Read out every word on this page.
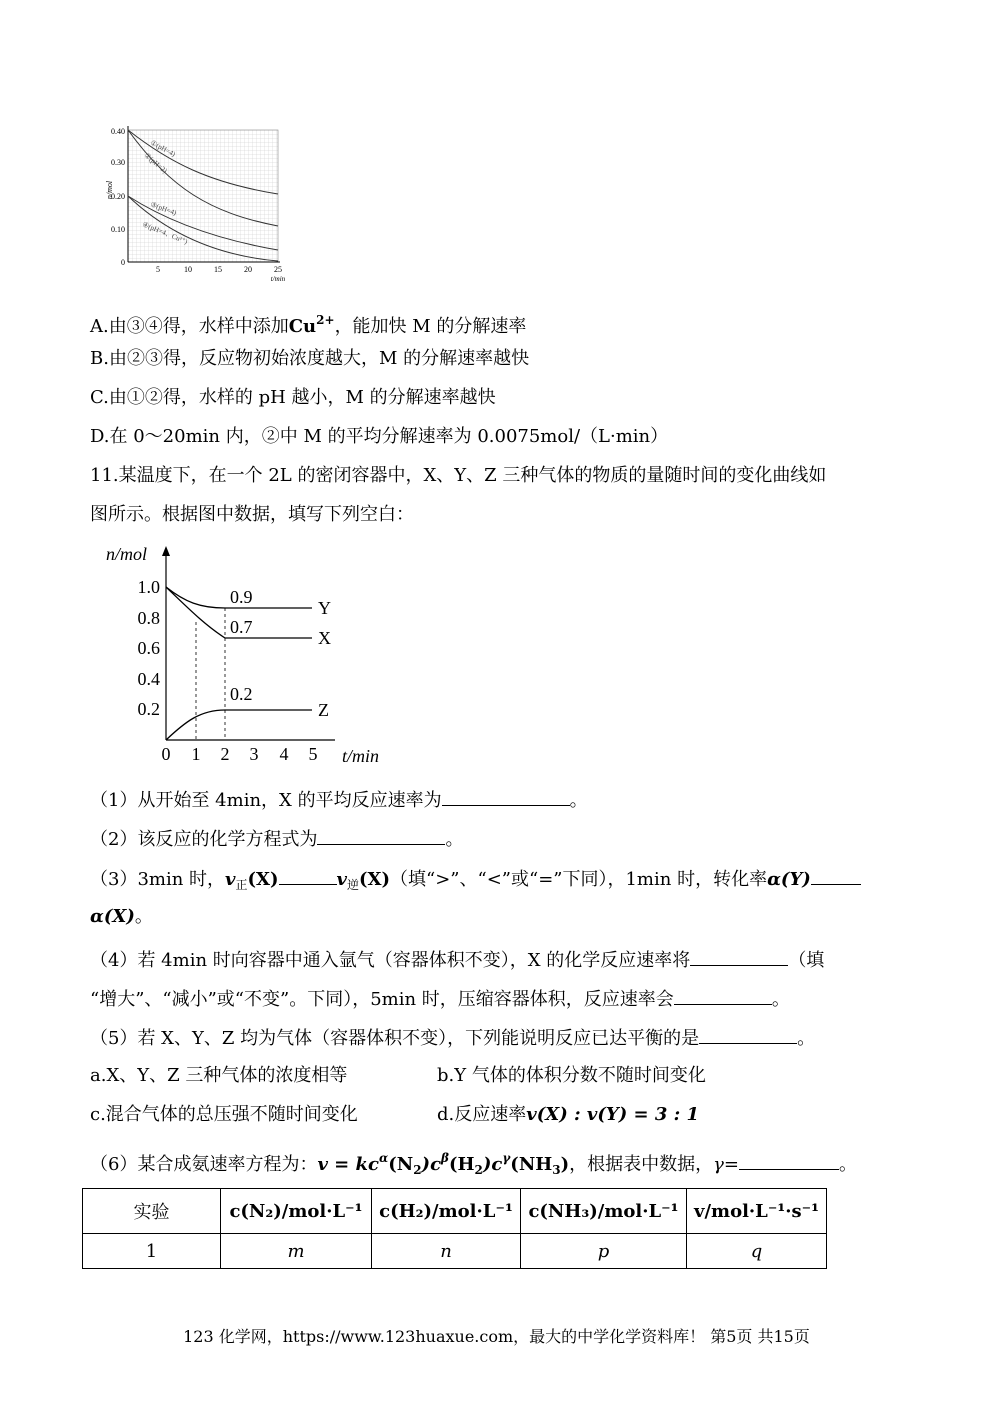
0.40
0.30
0.20
0.10
0
5	10	15	20	25
t/min
n/mol
①(pH=4)
②(pH=2)
③(pH=4)
④(pH=4、Cu²⁺)
A.由③④得，水样中添加$Cu^{2+}$，能加快 M 的分解速率
B.由②③得，反应物初始浓度越大，M 的分解速率越快
C.由①②得，水样的 pH 越小，M 的分解速率越快
D.在 0～20min 内，②中 M 的平均分解速率为 0.0075mol/（L·min）
11.某温度下，在一个 2L 的密闭容器中，X、Y、Z 三种气体的物质的量随时间的变化曲线如
图所示。根据图中数据，填写下列空白：
n/mol
1.0
0.8
0.6
0.4
0.2
0 1 2 3 4 5 t/min
0.9
0.7
0.2
Y
X
Z
（1）从开始至 4min，X 的平均反应速率为	。
（2）该反应的化学方程式为	。
（3）3min 时，$v_正(X)$	$v_逆(X)$（填“>”、“<”或“=”下同），1min 时，转化率α(Y)
α(X)。
（4）若 4min 时向容器中通入氩气（容器体积不变），X 的化学反应速率将	（填
“增大”、“减小”或“不变”。下同），5min 时，压缩容器体积，反应速率会	。
（5）若 X、Y、Z 均为气体（容器体积不变），下列能说明反应已达平衡的是	。
a.X、Y、Z 三种气体的浓度相等	b.Y 气体的体积分数不随时间变化
c.混合气体的总压强不随时间变化	d.反应速率v(X) : v(Y) = 3 : 1
（6）某合成氨速率方程为：$v = kc^\alpha(N_2)c^\beta(H_2)c^\gamma(NH_3)$，根据表中数据，γ=	。
实验	c(N₂)/mol·L⁻¹	c(H₂)/mol·L⁻¹	c(NH₃)/mol·L⁻¹	v/mol·L⁻¹·s⁻¹
1	m	n	p	q
123 化学网，https://www.123huaxue.com，最大的中学化学资料库！ 第5页 共15页
